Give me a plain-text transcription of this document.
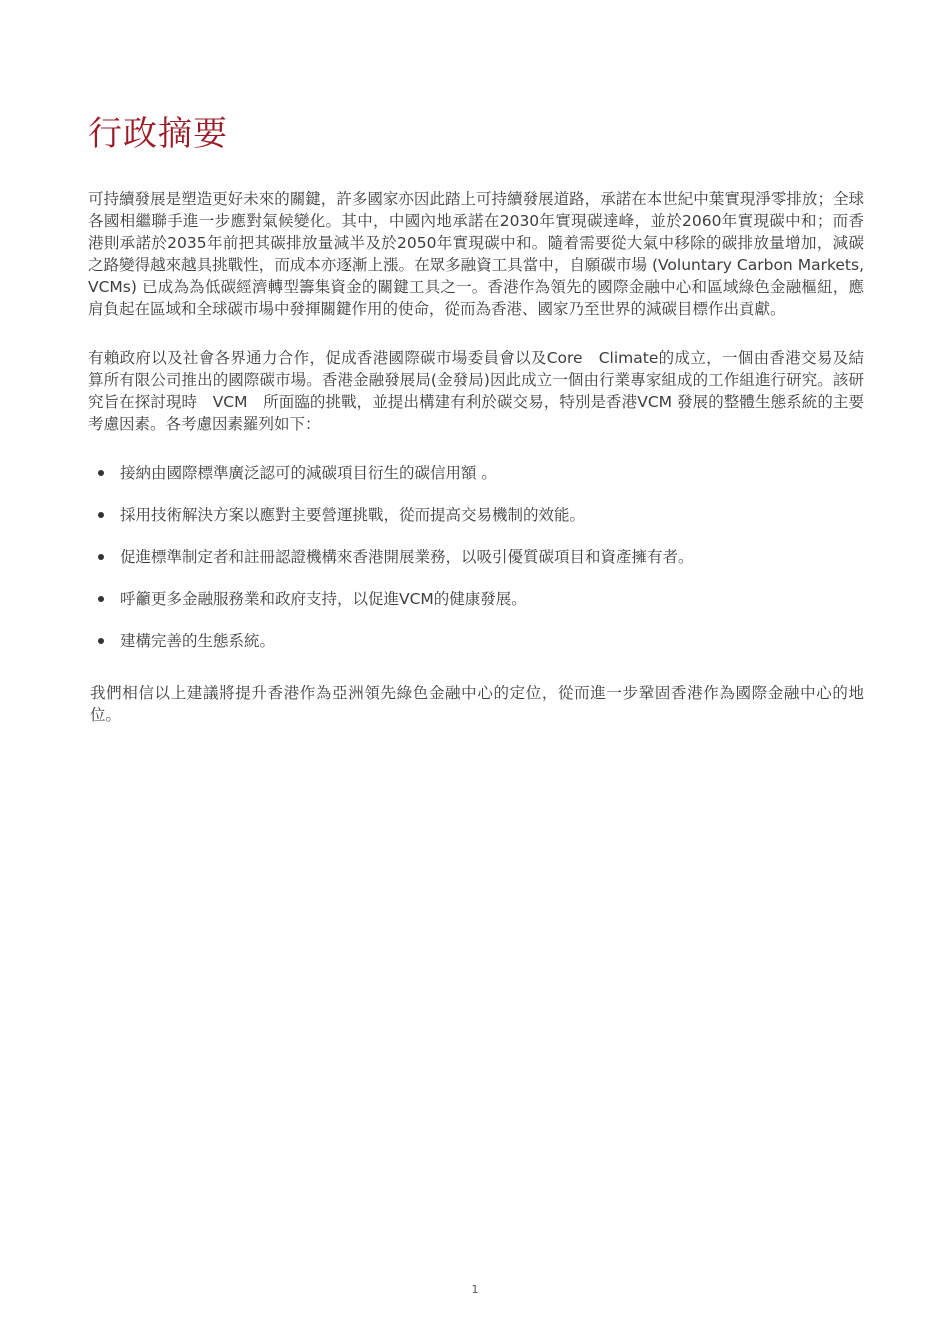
行政摘要

可持續發展是塑造更好未來的關鍵，許多國家亦因此踏上可持續發展道路，承諾在本世紀中葉實現淨零排放；全球各國相繼聯手進一步應對氣候變化。其中，中國內地承諾在2030年實現碳達峰，並於2060年實現碳中和；而香港則承諾於2035年前把其碳排放量減半及於2050年實現碳中和。隨着需要從大氣中移除的碳排放量增加，減碳之路變得越來越具挑戰性，而成本亦逐漸上漲。在眾多融資工具當中，自願碳市場 (Voluntary Carbon Markets, VCMs) 已成為為低碳經濟轉型籌集資金的關鍵工具之一。香港作為領先的國際金融中心和區域綠色金融樞紐，應肩負起在區域和全球碳市場中發揮關鍵作用的使命，從而為香港、國家乃至世界的減碳目標作出貢獻。

有賴政府以及社會各界通力合作，促成香港國際碳市場委員會以及Core　Climate的成立，一個由香港交易及結算所有限公司推出的國際碳市場。香港金融發展局(金發局)因此成立一個由行業專家組成的工作組進行研究。該研究旨在探討現時　VCM　所面臨的挑戰，並提出構建有利於碳交易，特別是香港VCM 發展的整體生態系統的主要考慮因素。各考慮因素羅列如下：

接納由國際標準廣泛認可的減碳項目衍生的碳信用額 。
採用技術解決方案以應對主要營運挑戰，從而提高交易機制的效能。
促進標準制定者和註冊認證機構來香港開展業務，以吸引優質碳項目和資產擁有者。
呼籲更多金融服務業和政府支持，以促進VCM的健康發展。
建構完善的生態系統。

我們相信以上建議將提升香港作為亞洲領先綠色金融中心的定位，從而進一步鞏固香港作為國際金融中心的地位。

1
